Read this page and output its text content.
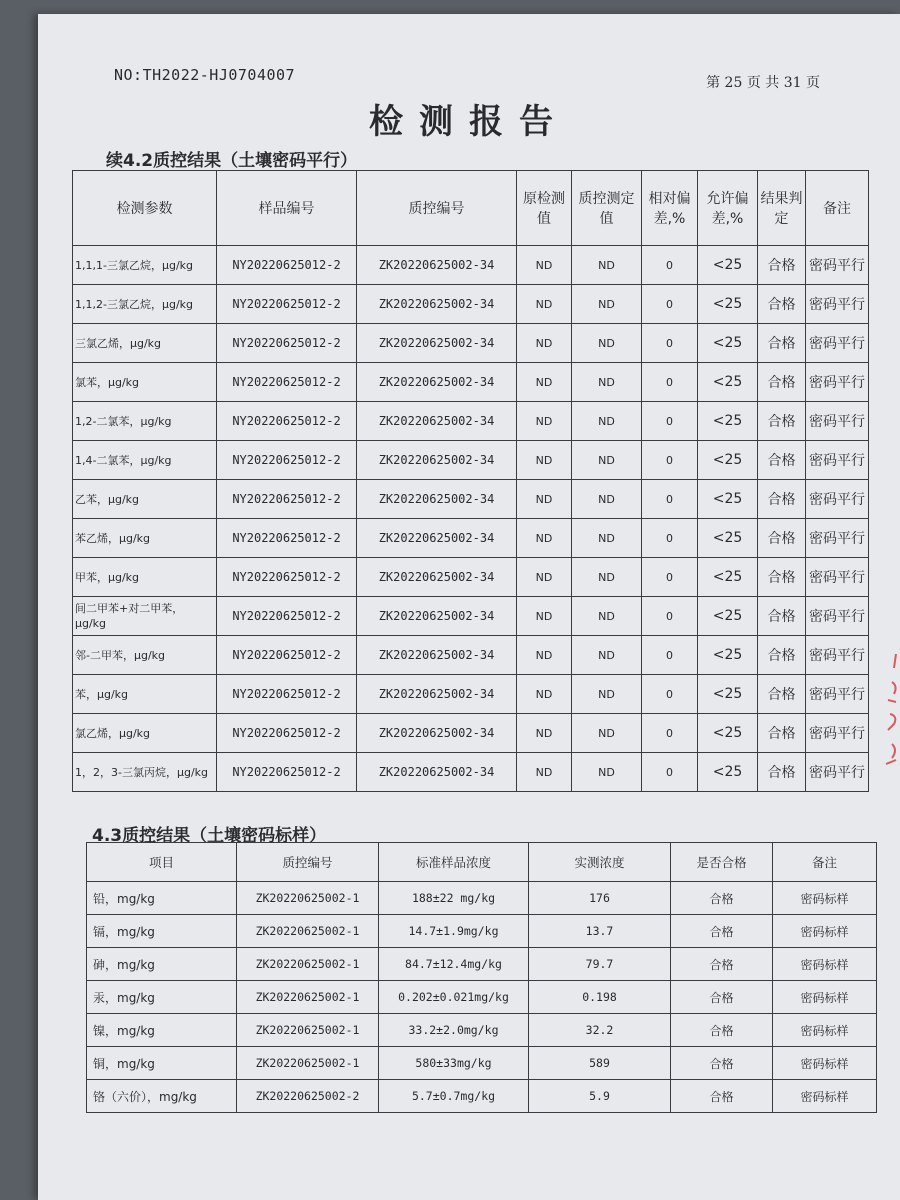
NO:TH2022-HJ0704007	第 25 页 共 31 页
检测报告
续4.2质控结果（土壤密码平行）
检测参数	样品编号	质控编号	原检测值	质控测定值	相对偏差,%	允许偏差,%	结果判定	备注
1,1,1-三氯乙烷，μg/kg	NY20220625012-2	ZK20220625002-34	ND	ND	0	<25	合格	密码平行
1,1,2-三氯乙烷，μg/kg	NY20220625012-2	ZK20220625002-34	ND	ND	0	<25	合格	密码平行
三氯乙烯，μg/kg	NY20220625012-2	ZK20220625002-34	ND	ND	0	<25	合格	密码平行
氯苯，μg/kg	NY20220625012-2	ZK20220625002-34	ND	ND	0	<25	合格	密码平行
1,2-二氯苯，μg/kg	NY20220625012-2	ZK20220625002-34	ND	ND	0	<25	合格	密码平行
1,4-二氯苯，μg/kg	NY20220625012-2	ZK20220625002-34	ND	ND	0	<25	合格	密码平行
乙苯，μg/kg	NY20220625012-2	ZK20220625002-34	ND	ND	0	<25	合格	密码平行
苯乙烯，μg/kg	NY20220625012-2	ZK20220625002-34	ND	ND	0	<25	合格	密码平行
甲苯，μg/kg	NY20220625012-2	ZK20220625002-34	ND	ND	0	<25	合格	密码平行
间二甲苯+对二甲苯，μg/kg	NY20220625012-2	ZK20220625002-34	ND	ND	0	<25	合格	密码平行
邻-二甲苯，μg/kg	NY20220625012-2	ZK20220625002-34	ND	ND	0	<25	合格	密码平行
苯，μg/kg	NY20220625012-2	ZK20220625002-34	ND	ND	0	<25	合格	密码平行
氯乙烯，μg/kg	NY20220625012-2	ZK20220625002-34	ND	ND	0	<25	合格	密码平行
1，2，3-三氯丙烷，μg/kg	NY20220625012-2	ZK20220625002-34	ND	ND	0	<25	合格	密码平行
4.3质控结果（土壤密码标样）
项目	质控编号	标准样品浓度	实测浓度	是否合格	备注
铅，mg/kg	ZK20220625002-1	188±22 mg/kg	176	合格	密码标样
镉，mg/kg	ZK20220625002-1	14.7±1.9mg/kg	13.7	合格	密码标样
砷，mg/kg	ZK20220625002-1	84.7±12.4mg/kg	79.7	合格	密码标样
汞，mg/kg	ZK20220625002-1	0.202±0.021mg/kg	0.198	合格	密码标样
镍，mg/kg	ZK20220625002-1	33.2±2.0mg/kg	32.2	合格	密码标样
铜，mg/kg	ZK20220625002-1	580±33mg/kg	589	合格	密码标样
铬（六价），mg/kg	ZK20220625002-2	5.7±0.7mg/kg	5.9	合格	密码标样
